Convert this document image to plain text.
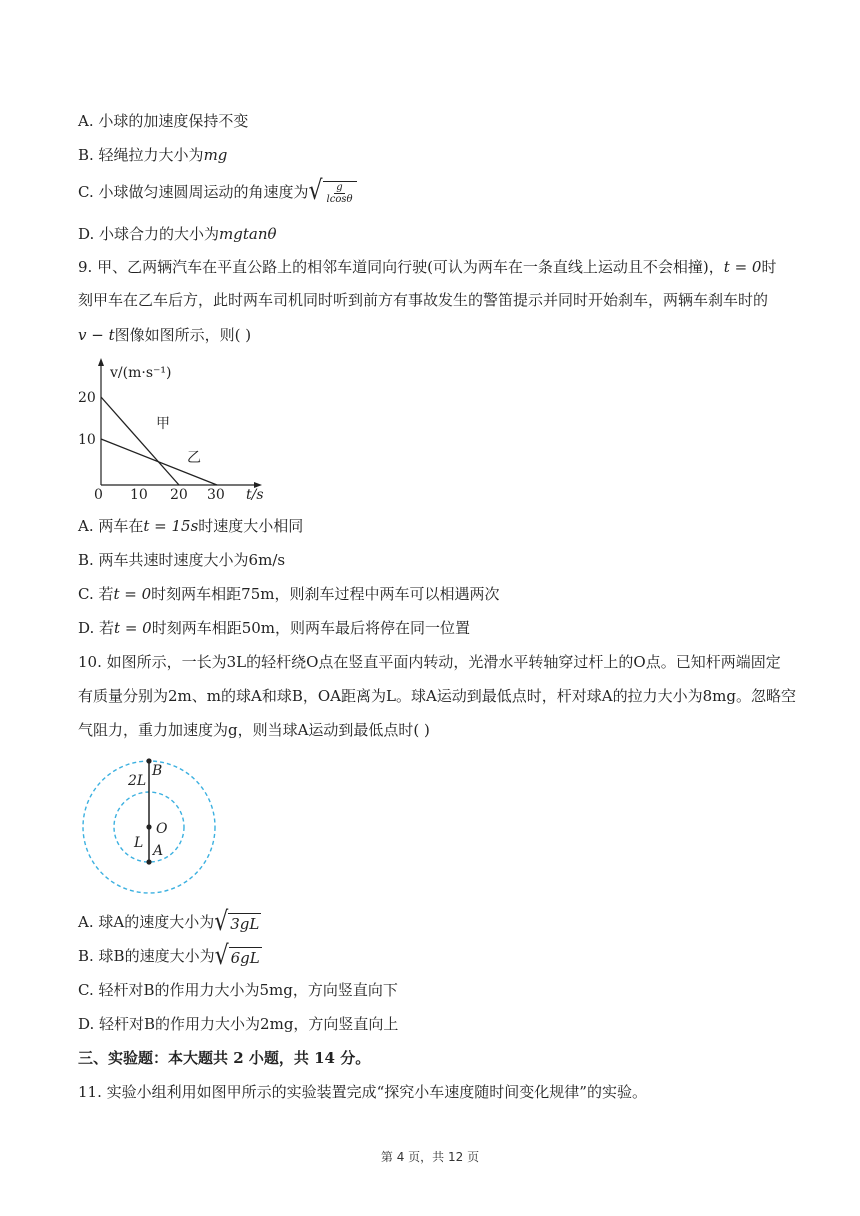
A. 小球的加速度保持不变
B. 轻绳拉力大小为mg
C. 小球做匀速圆周运动的角速度为√ $\frac{g}{lcos\theta}$
D. 小球合力的大小为mgtanθ
9. 甲、乙两辆汽车在平直公路上的相邻车道同向行驶(可认为两车在一条直线上运动且不会相撞)，t = 0时
刻甲车在乙车后方，此时两车司机同时听到前方有事故发生的警笛提示并同时开始刹车，两辆车刹车时的
v − t图像如图所示，则( )
v/(m·s⁻¹)
20
10
0 10 20 30 t/s
甲
乙
A. 两车在t = 15s时速度大小相同
B. 两车共速时速度大小为6m/s
C. 若t = 0时刻两车相距75m，则刹车过程中两车可以相遇两次
D. 若t = 0时刻两车相距50m，则两车最后将停在同一位置
10. 如图所示，一长为3L的轻杆绕O点在竖直平面内转动，光滑水平转轴穿过杆上的O点。已知杆两端固定
有质量分别为2m、m的球A和球B，OA距离为L。球A运动到最低点时，杆对球A的拉力大小为8mg。忽略空
气阻力，重力加速度为g，则当球A运动到最低点时( )
B
2L
O
L A
A. 球A的速度大小为√ 3gL
B. 球B的速度大小为√ 6gL
C. 轻杆对B的作用力大小为5mg，方向竖直向下
D. 轻杆对B的作用力大小为2mg，方向竖直向上
三、实验题：本大题共 2 小题，共 14 分。
11. 实验小组利用如图甲所示的实验装置完成“探究小车速度随时间变化规律”的实验。
第 4 页，共 12 页
